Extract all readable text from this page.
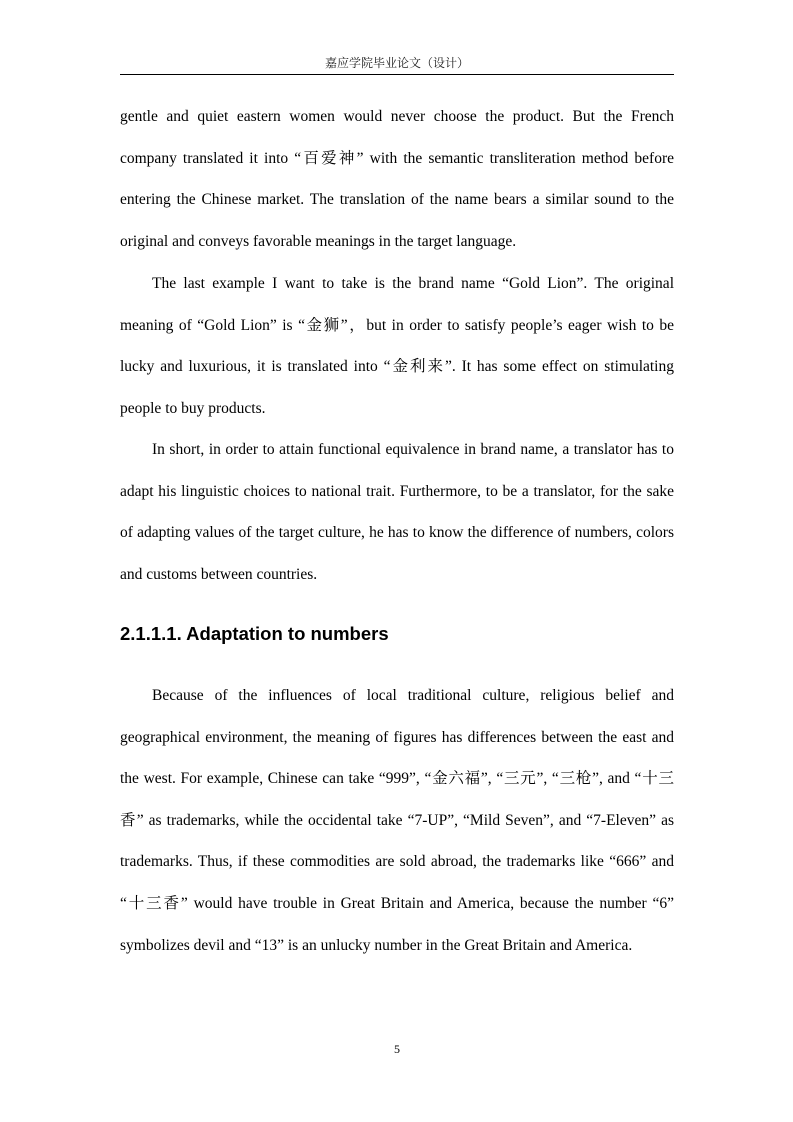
嘉应学院毕业论文（设计）

gentle and quiet eastern women would never choose the product. But the French company translated it into “百爱神” with the semantic transliteration method before entering the Chinese market. The translation of the name bears a similar sound to the original and conveys favorable meanings in the target language.

The last example I want to take is the brand name “Gold Lion”. The original meaning of “Gold Lion” is “金狮”，but in order to satisfy people’s eager wish to be lucky and luxurious, it is translated into “金利来”. It has some effect on stimulating people to buy products.

In short, in order to attain functional equivalence in brand name, a translator has to adapt his linguistic choices to national trait. Furthermore, to be a translator, for the sake of adapting values of the target culture, he has to know the difference of numbers, colors and customs between countries.

2.1.1.1. Adaptation to numbers

Because of the influences of local traditional culture, religious belief and geographical environment, the meaning of figures has differences between the east and the west. For example, Chinese can take “999”, “金六福”, “三元”, “三枪”, and “十三香” as trademarks, while the occidental take “7-UP”, “Mild Seven”, and “7-Eleven” as trademarks. Thus, if these commodities are sold abroad, the trademarks like “666” and “十三香” would have trouble in Great Britain and America, because the number “6” symbolizes devil and “13” is an unlucky number in the Great Britain and America.

5
